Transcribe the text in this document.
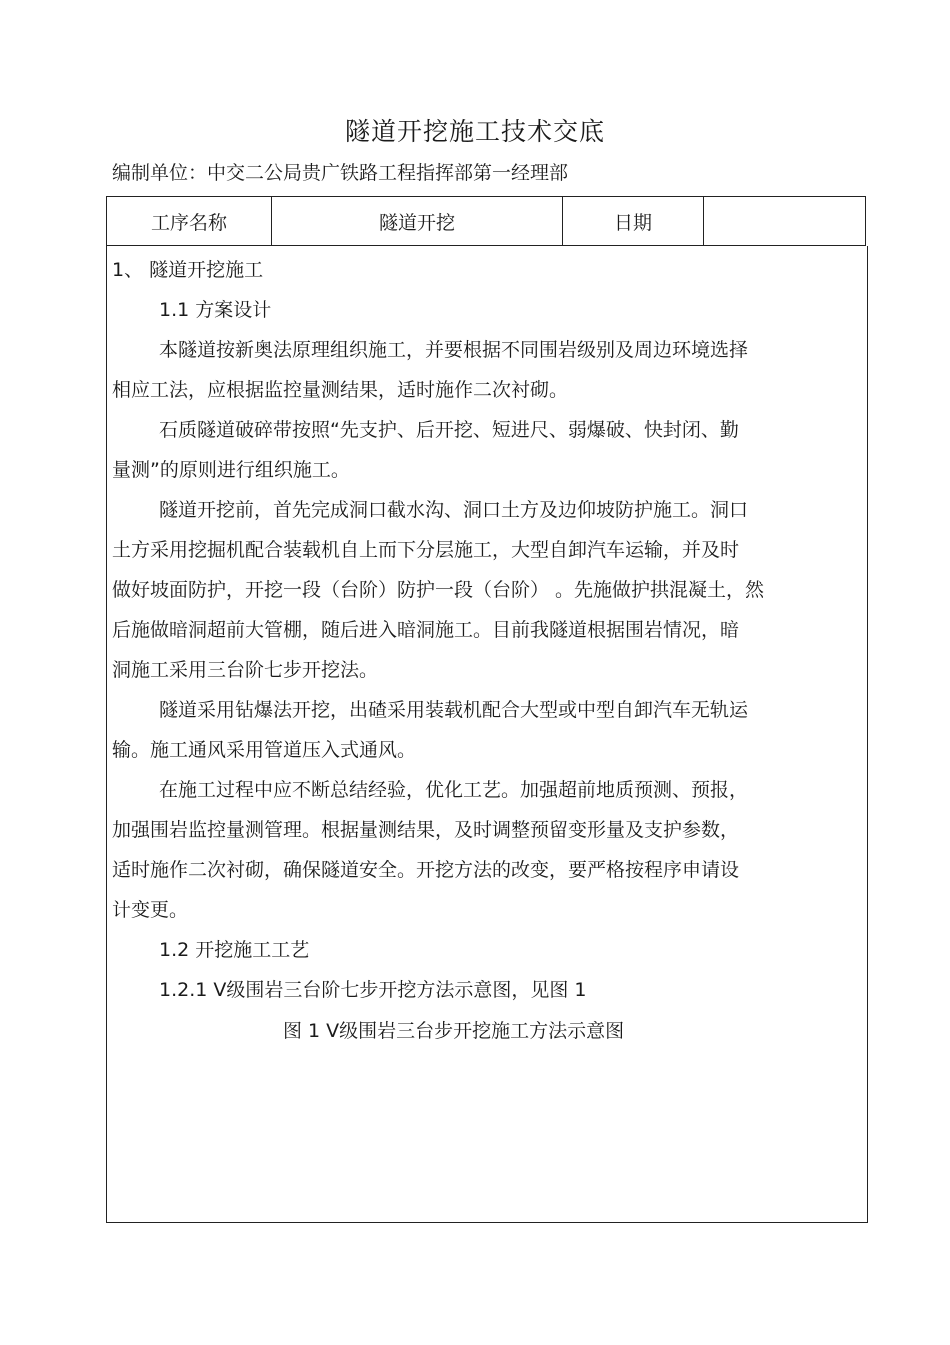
隧道开挖施工技术交底
编制单位：中交二公局贵广铁路工程指挥部第一经理部
工序名称	隧道开挖	日期
1、 隧道开挖施工
1.1 方案设计
本隧道按新奥法原理组织施工，并要根据不同围岩级别及周边环境选择
相应工法，应根据监控量测结果，适时施作二次衬砌。
石质隧道破碎带按照“先支护、后开挖、短进尺、弱爆破、快封闭、勤
量测”的原则进行组织施工。
隧道开挖前，首先完成洞口截水沟、洞口土方及边仰坡防护施工。洞口
土方采用挖掘机配合装载机自上而下分层施工，大型自卸汽车运输，并及时
做好坡面防护，开挖一段（台阶）防护一段（台阶） 。先施做护拱混凝土，然
后施做暗洞超前大管棚，随后进入暗洞施工。目前我隧道根据围岩情况，暗
洞施工采用三台阶七步开挖法。
隧道采用钻爆法开挖，出碴采用装载机配合大型或中型自卸汽车无轨运
输。施工通风采用管道压入式通风。
在施工过程中应不断总结经验，优化工艺。加强超前地质预测、预报，
加强围岩监控量测管理。根据量测结果，及时调整预留变形量及支护参数，
适时施作二次衬砌，确保隧道安全。开挖方法的改变，要严格按程序申请设
计变更。
1.2 开挖施工工艺
1.2.1 V级围岩三台阶七步开挖方法示意图，见图 1
图 1 V级围岩三台步开挖施工方法示意图
